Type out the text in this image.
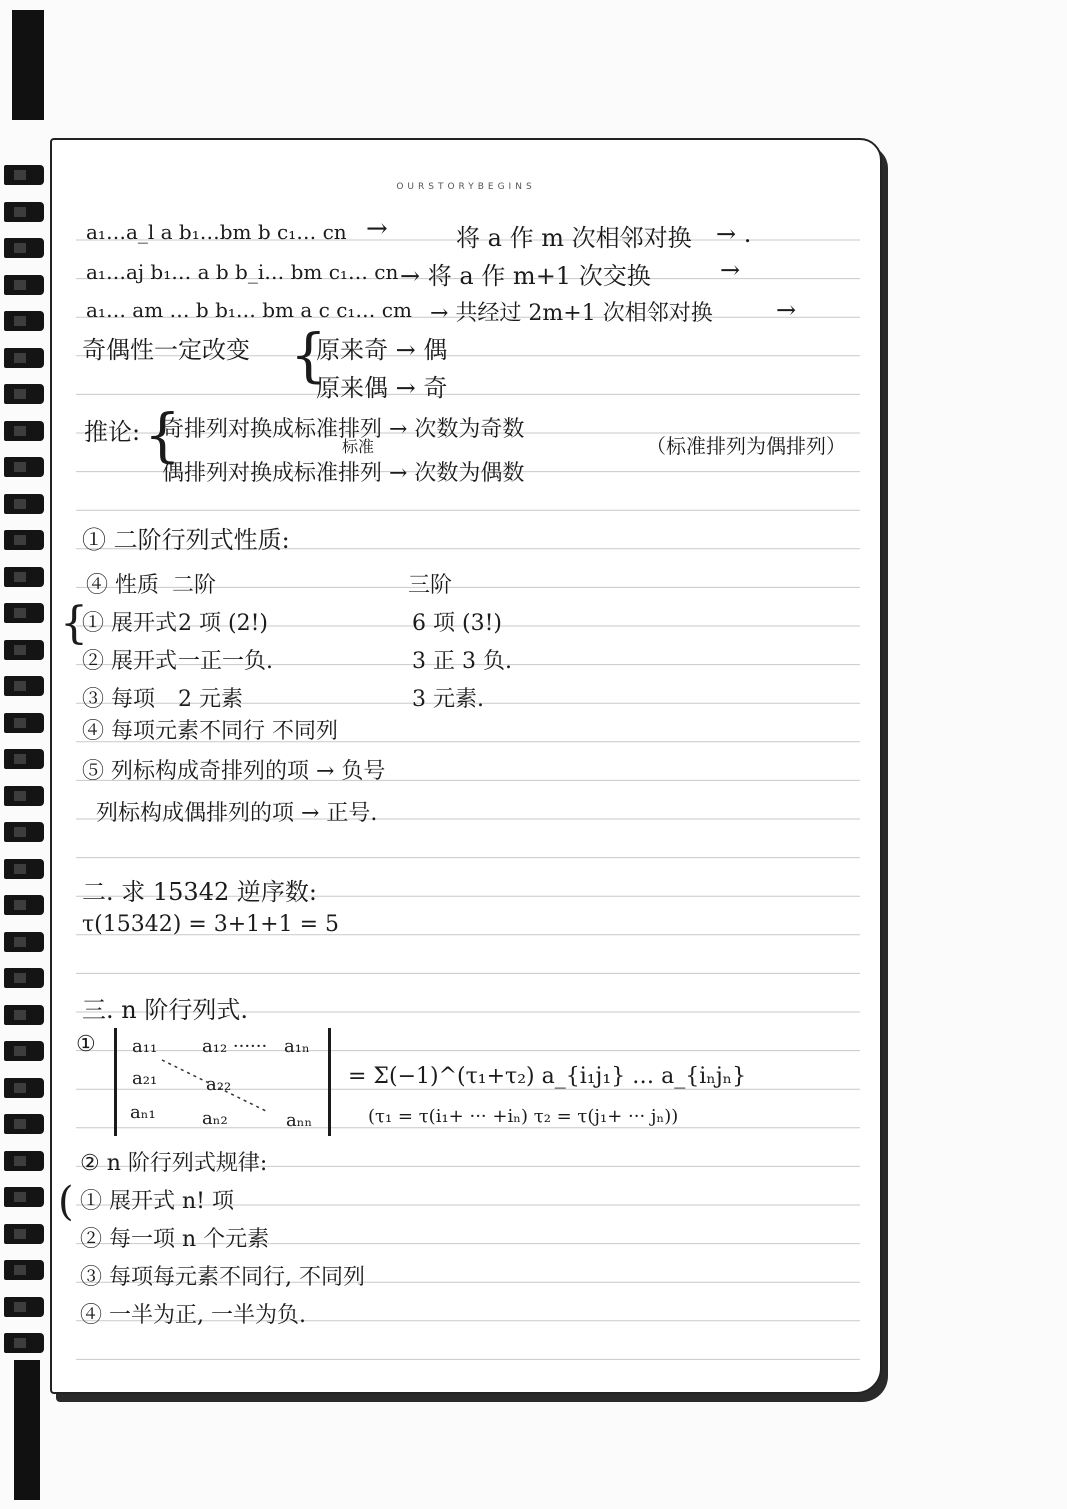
OURSTORYBEGINS
a₁…a_l a b₁…bm b c₁… cn →	将 a 作 m 次相邻对换 → .
a₁…aj b₁… a b b_i… bm c₁… cn → 将 a 作 m+1 次交换	→
a₁… am … b b₁… bm a c c₁… cm → 共经过 2m+1 次相邻对换	→
奇偶性一定改变 {
原来奇 → 偶
原来偶 → 奇
推论: {
奇排列对换成标准排列 → 次数为奇数
标准
偶排列对换成标准排列 → 次数为偶数
（标准排列为偶排列）
① 二阶行列式性质:
④ 性质 二阶	三阶
{
① 展开式 2 项 (2!)	6 项 (3!)
② 展开式 一正一负.	3 正 3 负.
③ 每项 2 元素	3 元素.
④ 每项元素不同行 不同列
⑤ 列标构成奇排列的项 → 负号
列标构成偶排列的项 → 正号.
二. 求 15342 逆序数:
τ(15342) = 3+1+1 = 5
三. n 阶行列式.
① a₁₁ a₁₂ ······ a₁ₙ
a₂₁	a₂₂
aₙ₁	aₙ₂	aₙₙ
= Σ(−1)^(τ₁+τ₂) a_{i₁j₁} … a_{iₙjₙ}
(τ₁ = τ(i₁+ ··· +iₙ) τ₂ = τ(j₁+ ··· jₙ))
② n 阶行列式规律:
( ① 展开式 n! 项
② 每一项 n 个元素
③ 每项每元素不同行, 不同列
④ 一半为正, 一半为负.
